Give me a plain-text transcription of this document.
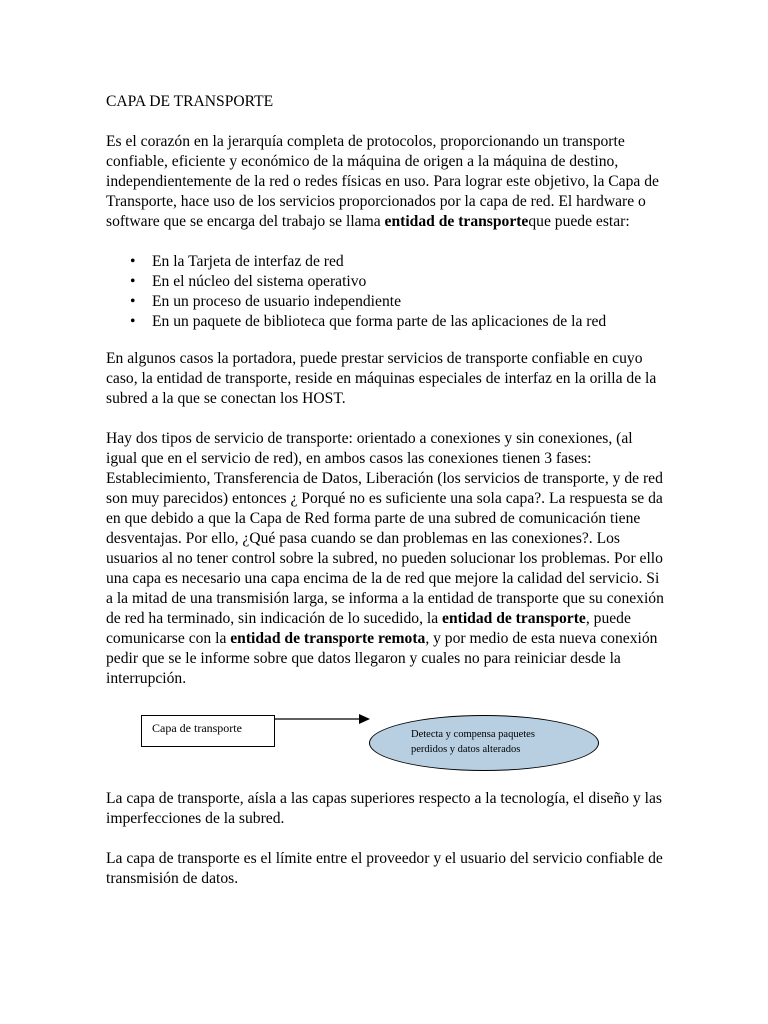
CAPA DE TRANSPORTE

Es el corazón en la jerarquía completa de protocolos, proporcionando un transporte confiable, eficiente y económico de la máquina de origen a la máquina de destino, independientemente de la red o redes físicas en uso. Para lograr este objetivo, la Capa de Transporte, hace uso de los servicios proporcionados por la capa de red. El hardware o software que se encarga del trabajo se llama entidad de transporteque puede estar:

• En la Tarjeta de interfaz de red
• En el núcleo del sistema operativo
• En un proceso de usuario independiente
• En un paquete de biblioteca que forma parte de las aplicaciones de la red

En algunos casos la portadora, puede prestar servicios de transporte confiable en cuyo caso, la entidad de transporte, reside en máquinas especiales de interfaz en la orilla de la subred a la que se conectan los HOST.

Hay dos tipos de servicio de transporte: orientado a conexiones y sin conexiones, (al igual que en el servicio de red), en ambos casos las conexiones tienen 3 fases: Establecimiento, Transferencia de Datos, Liberación (los servicios de transporte, y de red son muy parecidos) entonces ¿ Porqué no es suficiente una sola capa?. La respuesta se da en que debido a que la Capa de Red forma parte de una subred de comunicación tiene desventajas. Por ello, ¿Qué pasa cuando se dan problemas en las conexiones?. Los usuarios al no tener control sobre la subred, no pueden solucionar los problemas. Por ello una capa es necesario una capa encima de la de red que mejore la calidad del servicio. Si a la mitad de una transmisión larga, se informa a la entidad de transporte que su conexión de red ha terminado, sin indicación de lo sucedido, la entidad de transporte, puede comunicarse con la entidad de transporte remota, y por medio de esta nueva conexión pedir que se le informe sobre que datos llegaron y cuales no para reiniciar desde la interrupción.

Capa de transporte	Detecta y compensa paquetes perdidos y datos alterados

La capa de transporte, aísla a las capas superiores respecto a la tecnología, el diseño y las imperfecciones de la subred.

La capa de transporte es el límite entre el proveedor y el usuario del servicio confiable de transmisión de datos.
